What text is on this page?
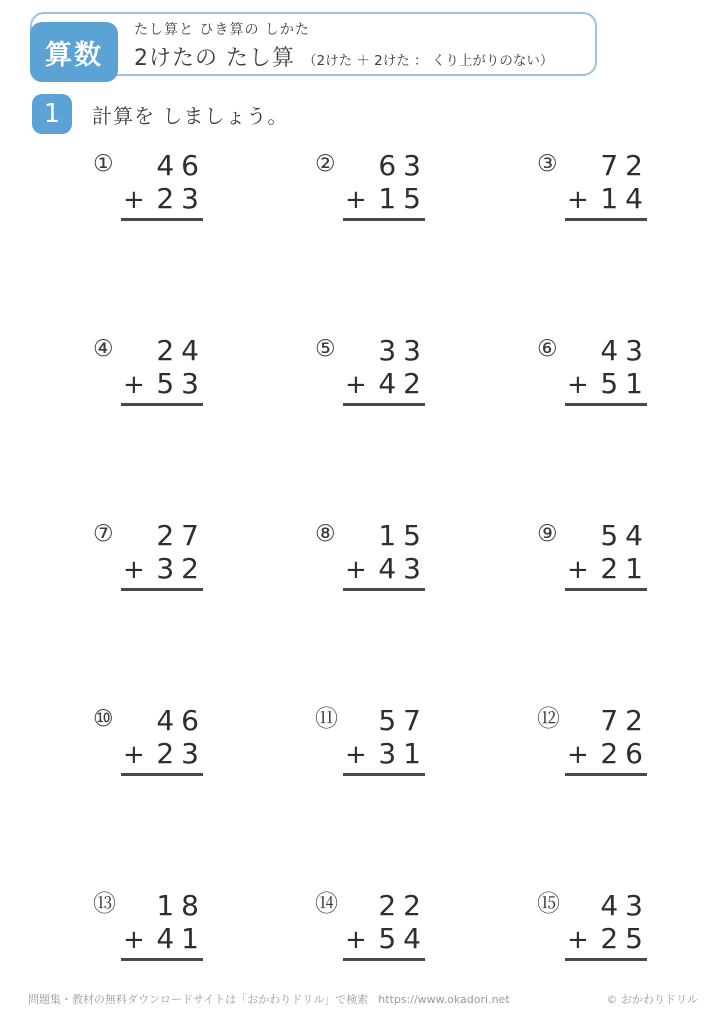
算数
たし算と ひき算の しかた
2けたの たし算 （2けた ＋ 2けた ： くり上がりのない）
1	計算を しましょう。
①	46
+ 23
②	63
+ 15
③	72
+ 14
④	24
+ 53
⑤	33
+ 42
⑥	43
+ 51
⑦	27
+ 32
⑧	15
+ 43
⑨	54
+ 21
⑩	46
+ 23
⑪	57
+ 31
⑫	72
+ 26
⑬	18
+ 41
⑭	22
+ 54
⑮	43
+ 25
問題集・教材の無料ダウンロードサイトは「おかわりドリル」で検索 https://www.okadori.net	© おかわりドリル
